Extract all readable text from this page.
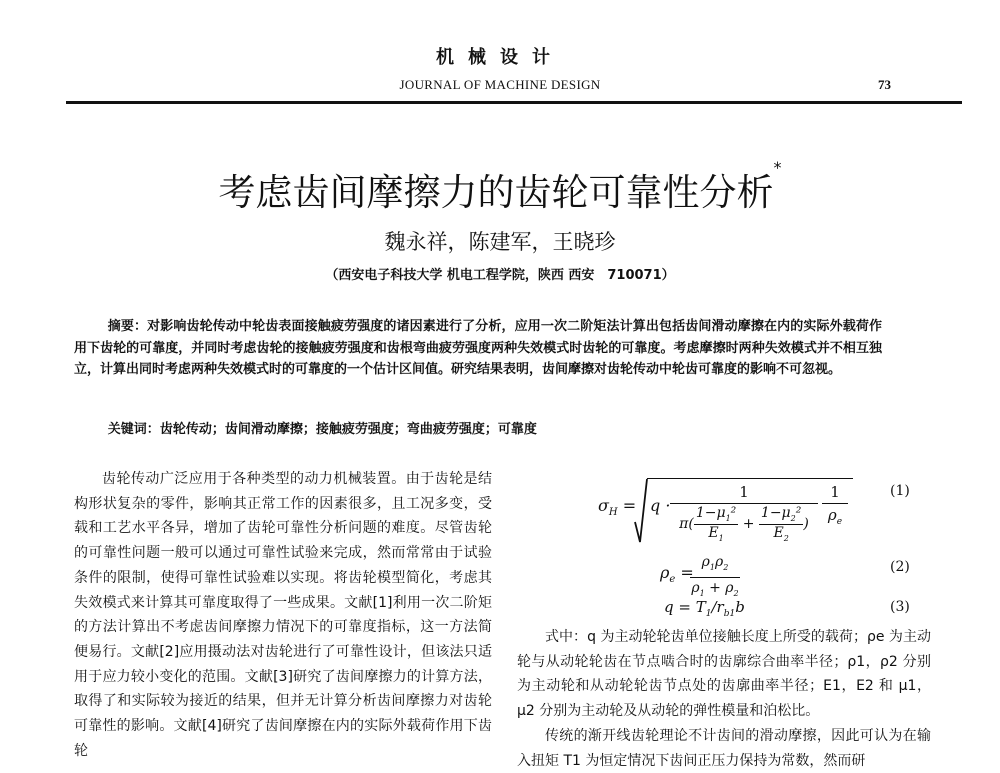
机械设计
JOURNAL OF MACHINE DESIGN	73
考虑齿间摩擦力的齿轮可靠性分析*
魏永祥，陈建军，王晓珍
（西安电子科技大学 机电工程学院，陕西 西安　710071）

摘要：对影响齿轮传动中轮齿表面接触疲劳强度的诸因素进行了分析，应用一次二阶矩法计算出包括齿间滑动摩擦在内的实际外载荷作用下齿轮的可靠度，并同时考虑齿轮的接触疲劳强度和齿根弯曲疲劳强度两种失效模式时齿轮的可靠度。考虑摩擦时两种失效模式并不相互独立，计算出同时考虑两种失效模式时的可靠度的一个估计区间值。研究结果表明，齿间摩擦对齿轮传动中轮齿可靠度的影响不可忽视。

关键词：齿轮传动；齿间滑动摩擦；接触疲劳强度；弯曲疲劳强度；可靠度

齿轮传动广泛应用于各种类型的动力机械装置。由于齿轮是结构形状复杂的零件，影响其正常工作的因素很多，且工况多变，受载和工艺水平各异，增加了齿轮可靠性分析问题的难度。尽管齿轮的可靠性问题一般可以通过可靠性试验来完成，然而常常由于试验条件的限制，使得可靠性试验难以实现。将齿轮模型简化，考虑其失效模式来计算其可靠度取得了一些成果。文献[1]利用一次二阶矩的方法计算出不考虑齿间摩擦力情况下的可靠度指标，这一方法简便易行。文献[2]应用摄动法对齿轮进行了可靠性设计，但该法只适用于应力较小变化的范围。文献[3]研究了齿间摩擦力的计算方法，取得了和实际较为接近的结果，但并无计算分析齿间摩擦力对齿轮可靠性的影响。文献[4]研究了齿间摩擦在内的实际外载荷作用下齿轮

$\sigma_H = q \cdot \frac{1}{\pi( \frac{1-\mu_1^2}{E_1} + \frac{1-\mu_2^2}{E_2} )} 1$
$\rho_e$
(1)
$\rho_e$ =
$\rho_1\rho_2$
$\rho_1 + \rho_2$
(2)
$q = T_1/r_{b1}b$	(3)

式中：q 为主动轮轮齿单位接触长度上所受的载荷；ρe 为主动轮与从动轮轮齿在节点啮合时的齿廓综合曲率半径；ρ1，ρ2 分别为主动轮和从动轮轮齿节点处的齿廓曲率半径；E1，E2 和 μ1，μ2 分别为主动轮及从动轮的弹性模量和泊松比。

传统的渐开线齿轮理论不计齿间的滑动摩擦，因此可认为在输入扭矩 T1 为恒定情况下齿间正压力保持为常数，然而研
